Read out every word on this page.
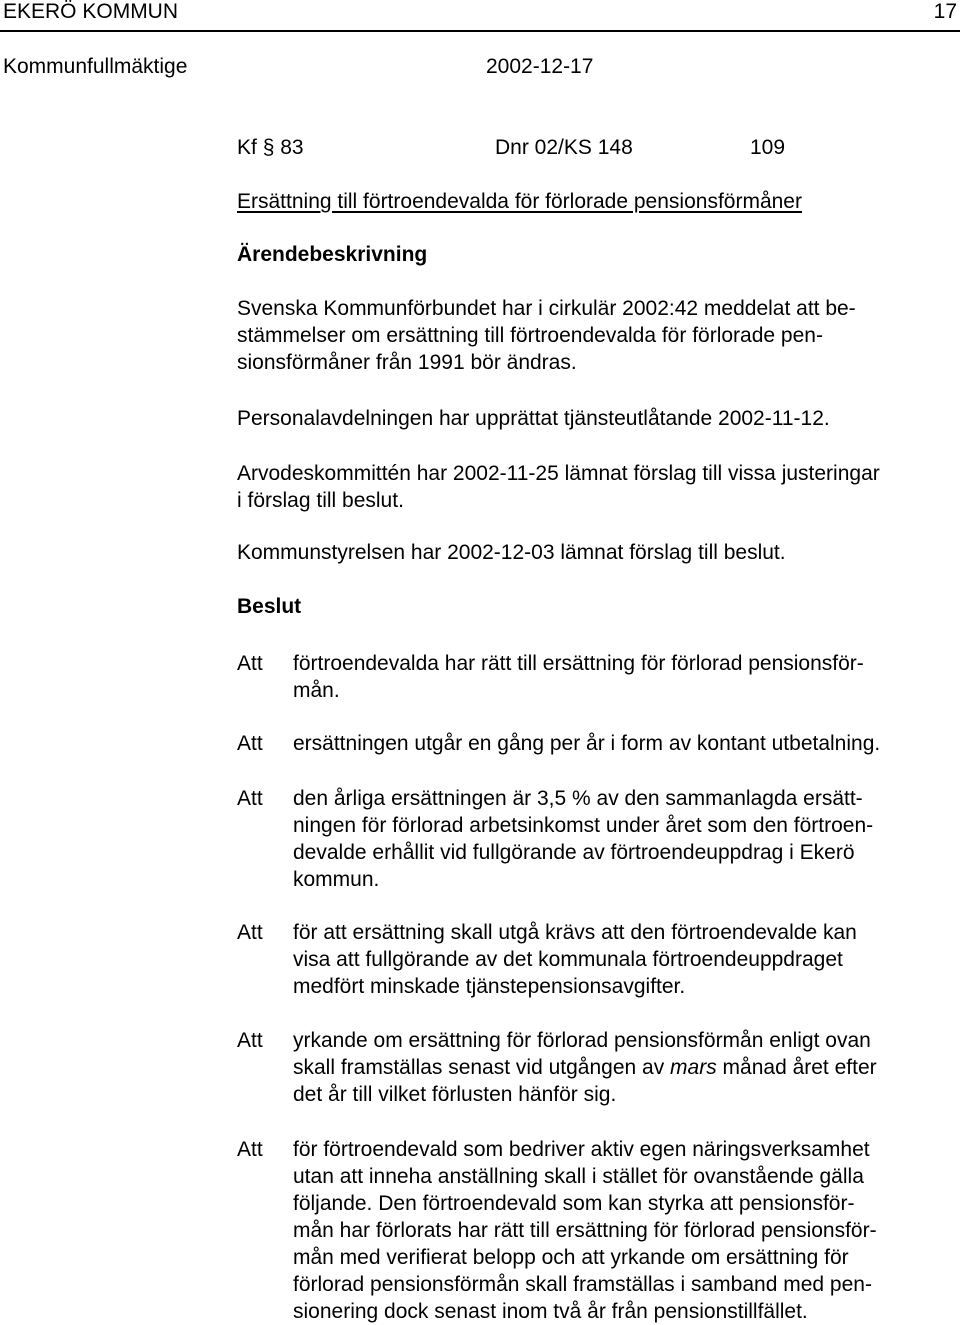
EKERÖ KOMMUN	17
Kommunfullmäktige	2002-12-17
Kf § 83	Dnr 02/KS 148	109
Ersättning till förtroendevalda för förlorade pensionsförmåner
Ärendebeskrivning
Svenska Kommunförbundet har i cirkulär 2002:42 meddelat att be-
stämmelser om ersättning till förtroendevalda för förlorade pen-
sionsförmåner från 1991 bör ändras.
Personalavdelningen har upprättat tjänsteutlåtande 2002-11-12.
Arvodeskommittén har 2002-11-25 lämnat förslag till vissa justeringar
i förslag till beslut.
Kommunstyrelsen har 2002-12-03 lämnat förslag till beslut.
Beslut
Att förtroendevalda har rätt till ersättning för förlorad pensionsför-
mån.
Att ersättningen utgår en gång per år i form av kontant utbetalning.
Att den årliga ersättningen är 3,5 % av den sammanlagda ersätt-
ningen för förlorad arbetsinkomst under året som den förtroen-
devalde erhållit vid fullgörande av förtroendeuppdrag i Ekerö
kommun.
Att för att ersättning skall utgå krävs att den förtroendevalde kan
visa att fullgörande av det kommunala förtroendeuppdraget
medfört minskade tjänstepensionsavgifter.
Att yrkande om ersättning för förlorad pensionsförmån enligt ovan
skall framställas senast vid utgången av mars månad året efter
det år till vilket förlusten hänför sig.
Att för förtroendevald som bedriver aktiv egen näringsverksamhet
utan att inneha anställning skall i stället för ovanstående gälla
följande. Den förtroendevald som kan styrka att pensionsför-
mån har förlorats har rätt till ersättning för förlorad pensionsför-
mån med verifierat belopp och att yrkande om ersättning för
förlorad pensionsförmån skall framställas i samband med pen-
sionering dock senast inom två år från pensionstillfället.
